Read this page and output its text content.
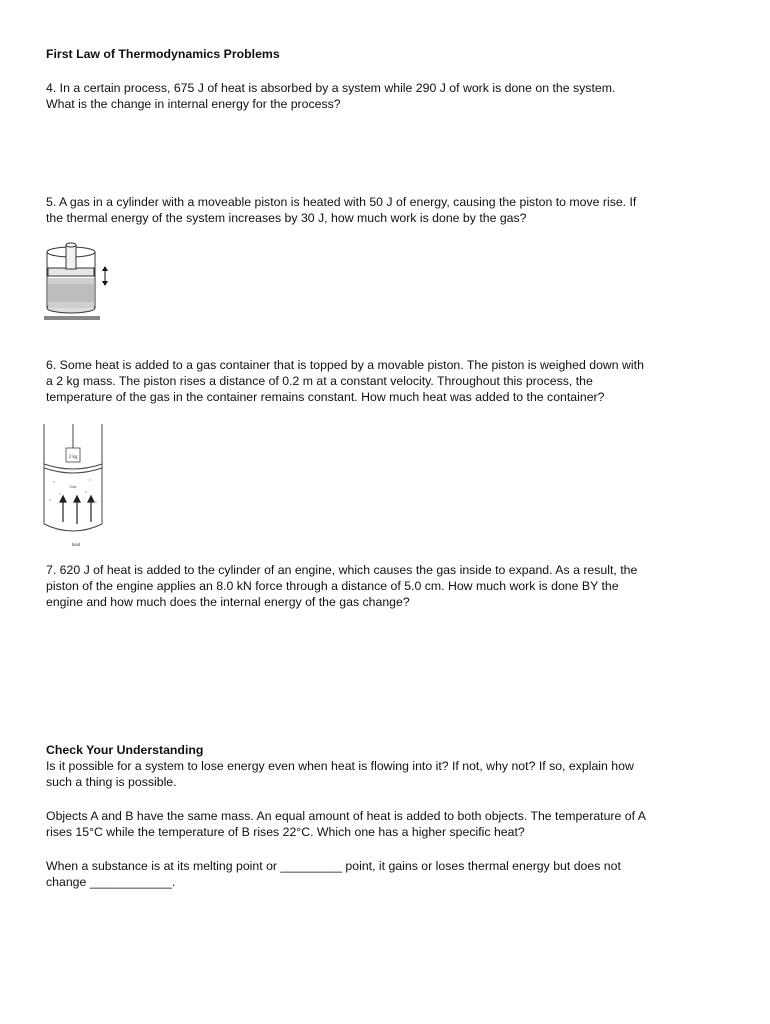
First Law of Thermodynamics Problems
4. In a certain process, 675 J of heat is absorbed by a system while 290 J of work is done on the system.
What is the change in internal energy for the process?
5. A gas in a cylinder with a moveable piston is heated with 50 J of energy, causing the piston to move rise. If
the thermal energy of the system increases by 30 J, how much work is done by the gas?
6. Some heat is added to a gas container that is topped by a movable piston. The piston is weighed down with
a 2 kg mass. The piston rises a distance of 0.2 m at a constant velocity. Throughout this process, the
temperature of the gas in the container remains constant. How much heat was added to the container?
2 kg
Gas
heat
7. 620 J of heat is added to the cylinder of an engine, which causes the gas inside to expand. As a result, the
piston of the engine applies an 8.0 kN force through a distance of 5.0 cm. How much work is done BY the
engine and how much does the internal energy of the gas change?
Check Your Understanding
Is it possible for a system to lose energy even when heat is flowing into it? If not, why not? If so, explain how
such a thing is possible.
Objects A and B have the same mass. An equal amount of heat is added to both objects. The temperature of A
rises 15°C while the temperature of B rises 22°C. Which one has a higher specific heat?
When a substance is at its melting point or _________ point, it gains or loses thermal energy but does not
change ____________.
